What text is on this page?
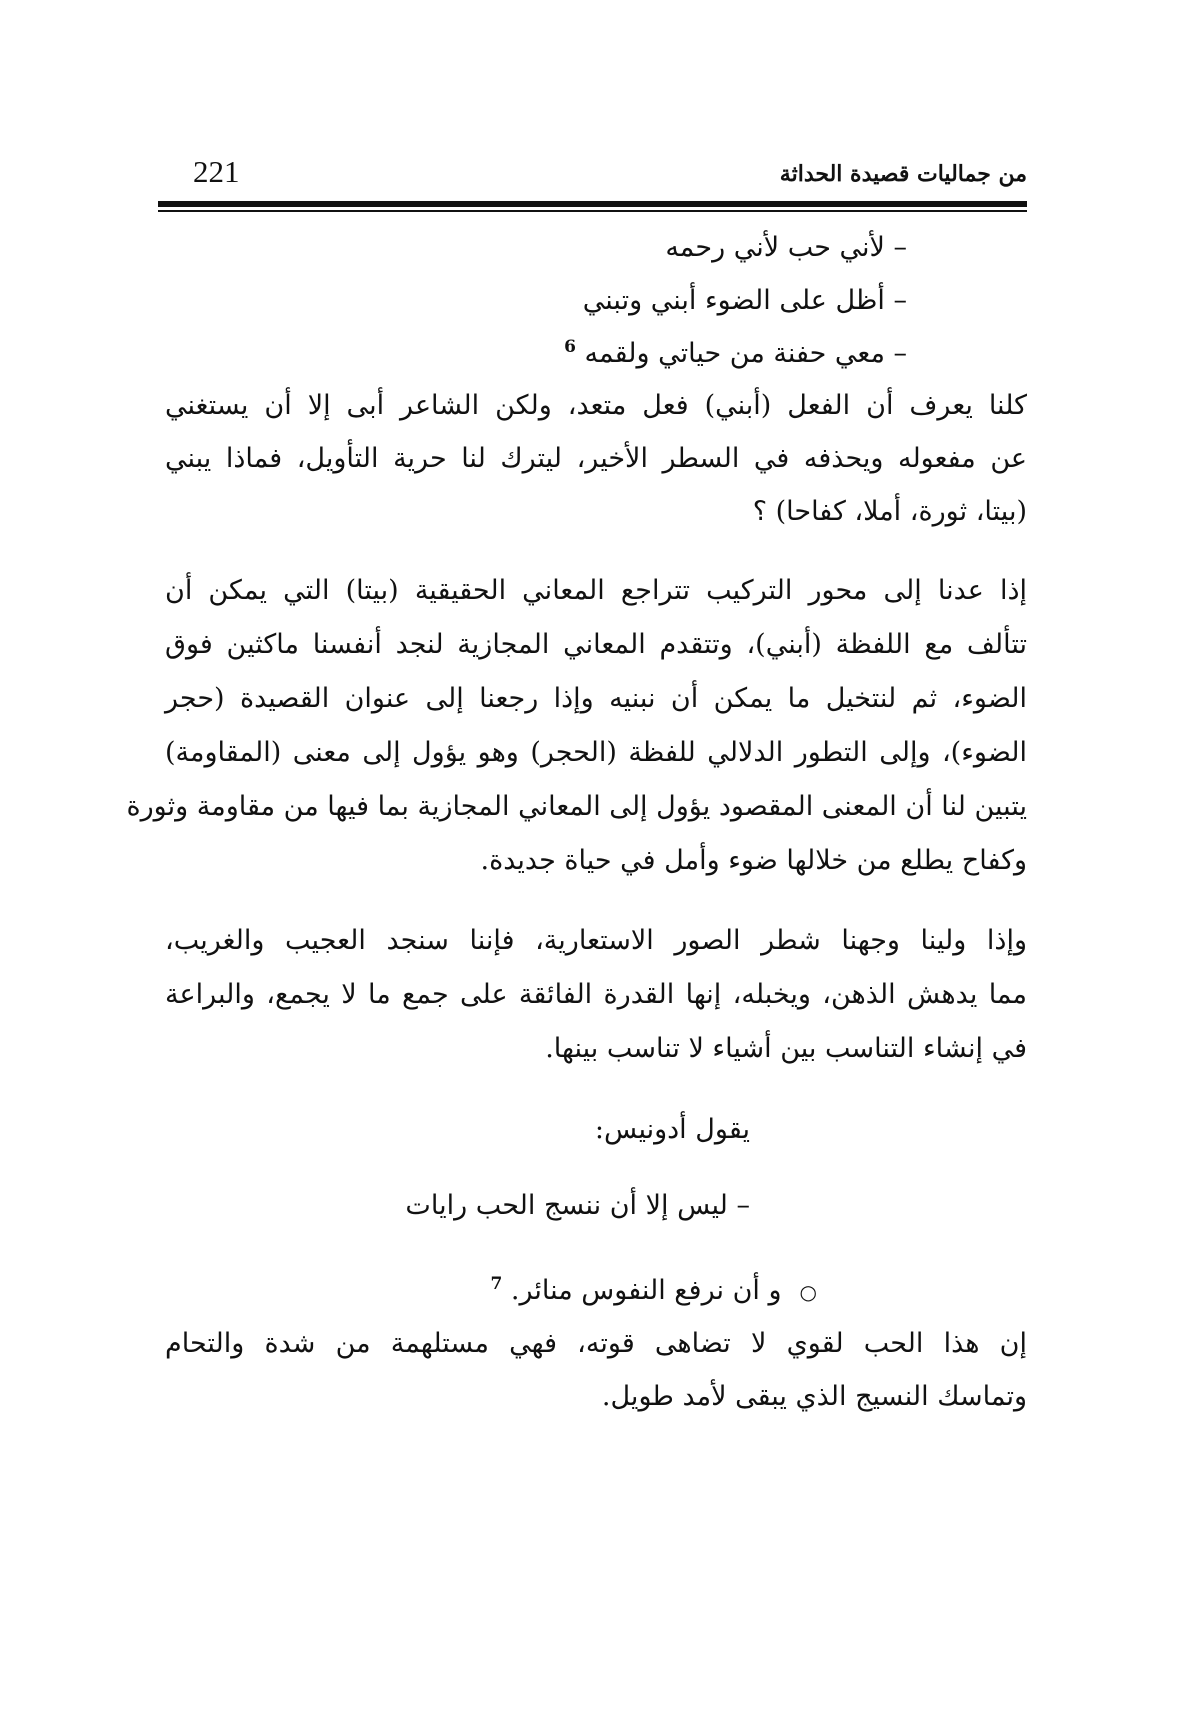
221	من جماليات قصيدة الحداثة
– لأني حب لأني رحمه
– أظل على الضوء أبني وتبني
– معي حفنة من حياتي ولقمه $^6$
كلنا يعرف أن الفعل (أبني) فعل متعد، ولكن الشاعر أبى إلا أن يستغني
عن مفعوله ويحذفه في السطر الأخير، ليترك لنا حرية التأويل، فماذا يبني
(بيتا، ثورة، أملا، كفاحا) ؟
إذا عدنا إلى محور التركيب تتراجع المعاني الحقيقية (بيتا) التي يمكن أن
تتألف مع اللفظة (أبني)، وتتقدم المعاني المجازية لنجد أنفسنا ماكثين فوق
الضوء، ثم لنتخيل ما يمكن أن نبنيه وإذا رجعنا إلى عنوان القصيدة (حجر
الضوء)، وإلى التطور الدلالي للفظة (الحجر) وهو يؤول إلى معنى (المقاومة)
يتبين لنا أن المعنى المقصود يؤول إلى المعاني المجازية بما فيها من مقاومة وثورة
وكفاح يطلع من خلالها ضوء وأمل في حياة جديدة.
وإذا ولينا وجهنا شطر الصور الاستعارية، فإننا سنجد العجيب والغريب،
مما يدهش الذهن، ويخبله، إنها القدرة الفائقة على جمع ما لا يجمع، والبراعة
في إنشاء التناسب بين أشياء لا تناسب بينها.
يقول أدونيس:
– ليس إلا أن ننسج الحب رايات
○و أن نرفع النفوس منائر. $^7$
إن هذا الحب لقوي لا تضاهى قوته، فهي مستلهمة من شدة والتحام
وتماسك النسيج الذي يبقى لأمد طويل.
